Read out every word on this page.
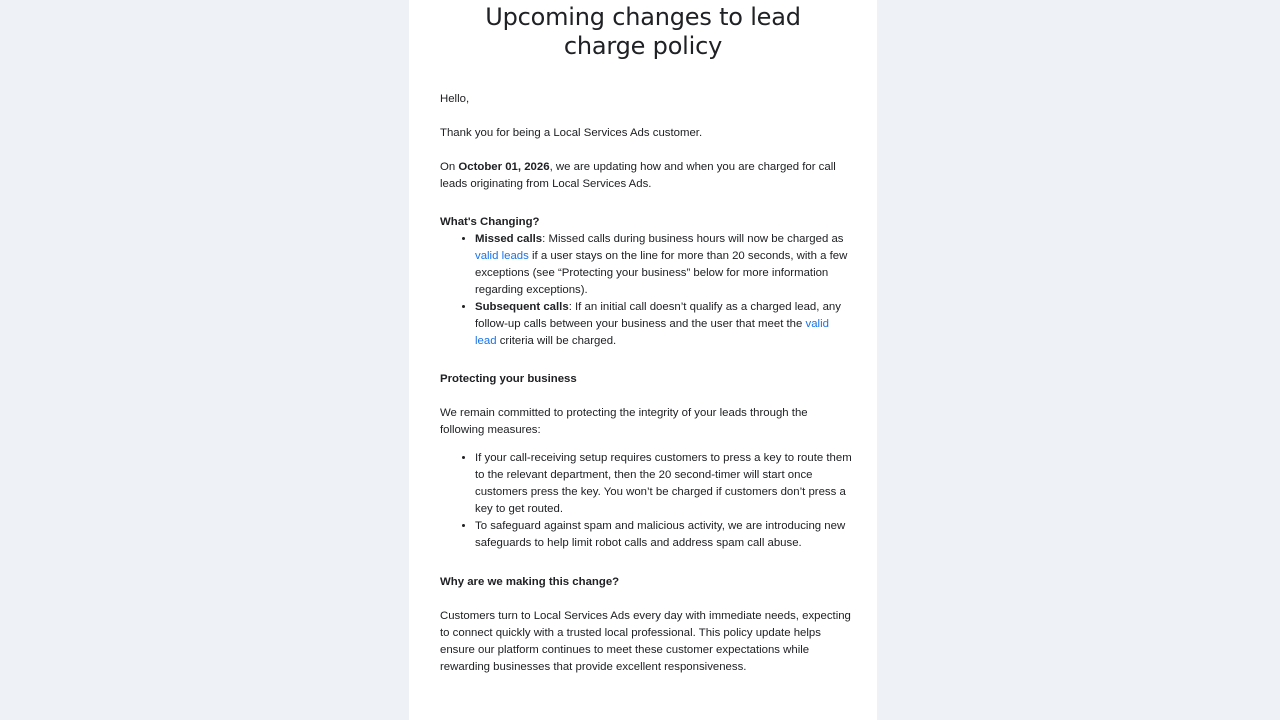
Upcoming changes to lead charge policy

Hello,

Thank you for being a Local Services Ads customer.

On October 01, 2026, we are updating how and when you are charged for call leads originating from Local Services Ads.

What's Changing?

• Missed calls: Missed calls during business hours will now be charged as valid leads if a user stays on the line for more than 20 seconds, with a few exceptions (see “Protecting your business” below for more information regarding exceptions).
• Subsequent calls: If an initial call doesn’t qualify as a charged lead, any follow-up calls between your business and the user that meet the valid lead criteria will be charged.

Protecting your business

We remain committed to protecting the integrity of your leads through the following measures:

• If your call-receiving setup requires customers to press a key to route them to the relevant department, then the 20 second-timer will start once customers press the key. You won’t be charged if customers don’t press a key to get routed.
• To safeguard against spam and malicious activity, we are introducing new safeguards to help limit robot calls and address spam call abuse.

Why are we making this change?

Customers turn to Local Services Ads every day with immediate needs, expecting to connect quickly with a trusted local professional. This policy update helps ensure our platform continues to meet these customer expectations while rewarding businesses that provide excellent responsiveness.
